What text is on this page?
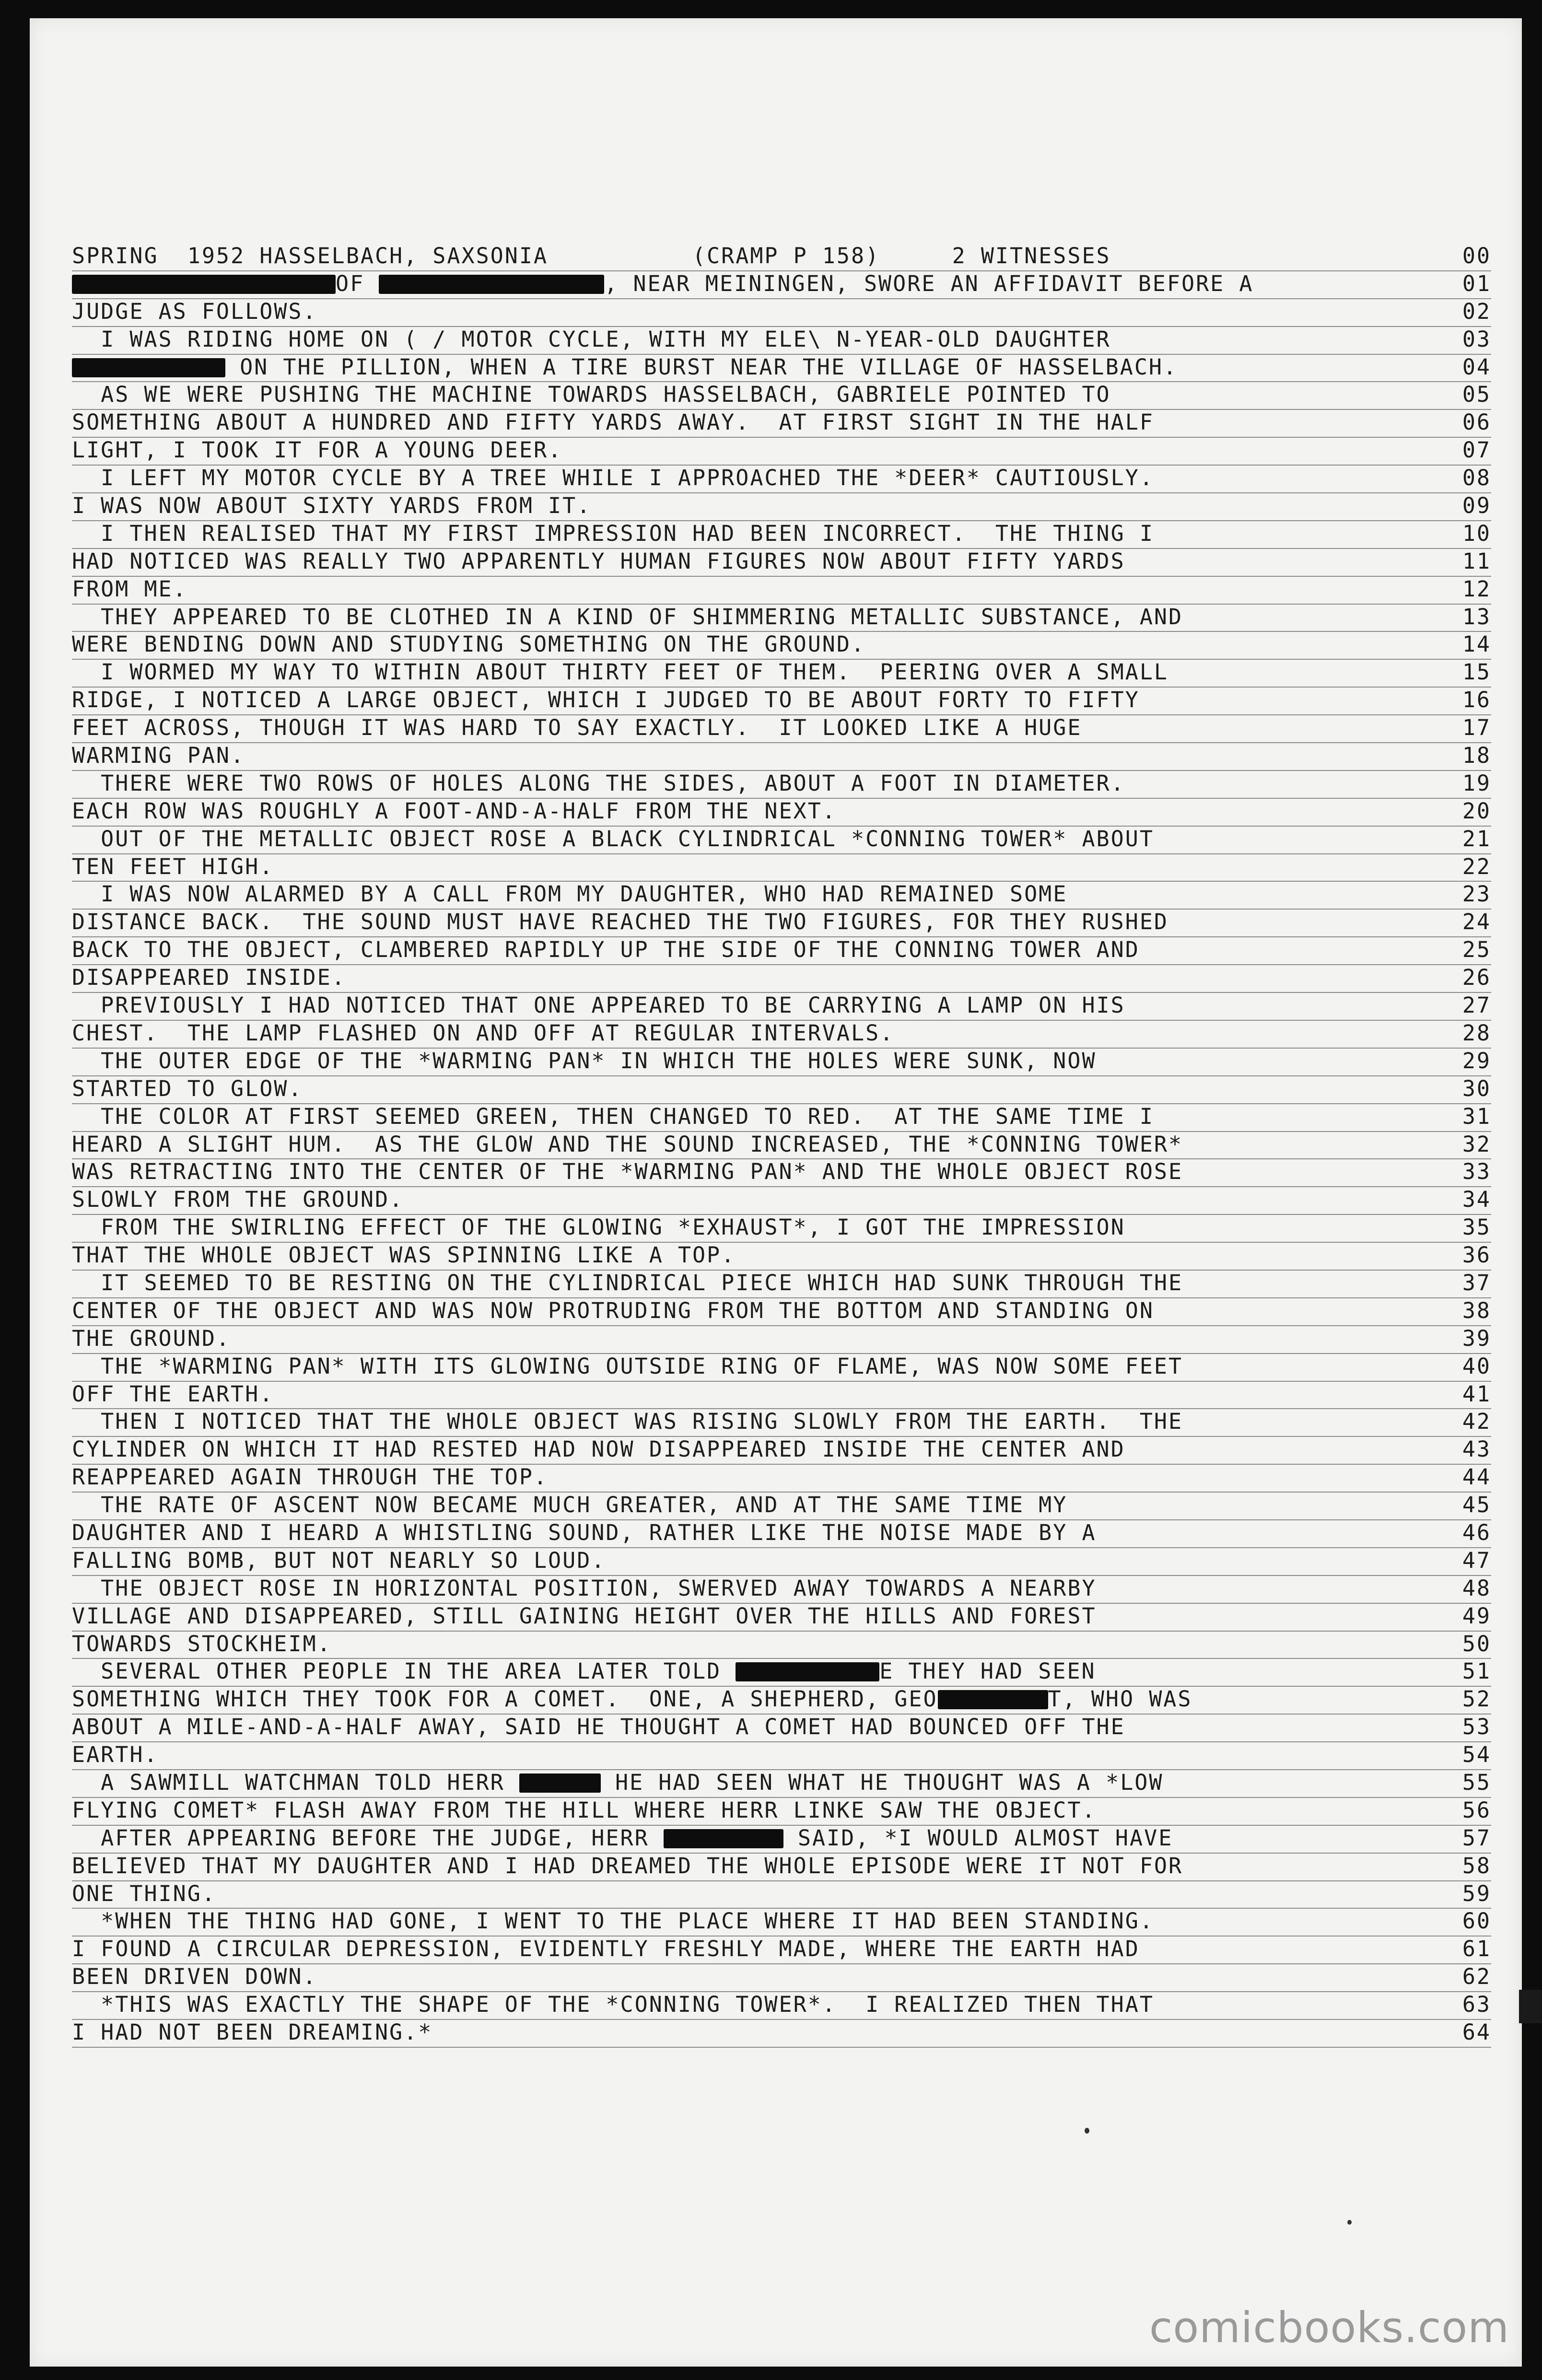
SPRING  1952 HASSELBACH, SAXSONIA          (CRAMP P 158)     2 WITNESSES	00
OF	, NEAR MEININGEN, SWORE AN AFFIDAVIT BEFORE A	01
JUDGE AS FOLLOWS.	02
I WAS RIDING HOME ON ( / MOTOR CYCLE, WITH MY ELE\ N-YEAR-OLD DAUGHTER	03
ON THE PILLION, WHEN A TIRE BURST NEAR THE VILLAGE OF HASSELBACH.	04
AS WE WERE PUSHING THE MACHINE TOWARDS HASSELBACH, GABRIELE POINTED TO	05
SOMETHING ABOUT A HUNDRED AND FIFTY YARDS AWAY.  AT FIRST SIGHT IN THE HALF	06
LIGHT, I TOOK IT FOR A YOUNG DEER.	07
I LEFT MY MOTOR CYCLE BY A TREE WHILE I APPROACHED THE *DEER* CAUTIOUSLY.	08
I WAS NOW ABOUT SIXTY YARDS FROM IT.	09
I THEN REALISED THAT MY FIRST IMPRESSION HAD BEEN INCORRECT.  THE THING I	10
HAD NOTICED WAS REALLY TWO APPARENTLY HUMAN FIGURES NOW ABOUT FIFTY YARDS	11
FROM ME.	12
THEY APPEARED TO BE CLOTHED IN A KIND OF SHIMMERING METALLIC SUBSTANCE, AND	13
WERE BENDING DOWN AND STUDYING SOMETHING ON THE GROUND.	14
I WORMED MY WAY TO WITHIN ABOUT THIRTY FEET OF THEM.  PEERING OVER A SMALL	15
RIDGE, I NOTICED A LARGE OBJECT, WHICH I JUDGED TO BE ABOUT FORTY TO FIFTY	16
FEET ACROSS, THOUGH IT WAS HARD TO SAY EXACTLY.  IT LOOKED LIKE A HUGE	17
WARMING PAN.	18
THERE WERE TWO ROWS OF HOLES ALONG THE SIDES, ABOUT A FOOT IN DIAMETER.	19
EACH ROW WAS ROUGHLY A FOOT-AND-A-HALF FROM THE NEXT.	20
OUT OF THE METALLIC OBJECT ROSE A BLACK CYLINDRICAL *CONNING TOWER* ABOUT	21
TEN FEET HIGH.	22
I WAS NOW ALARMED BY A CALL FROM MY DAUGHTER, WHO HAD REMAINED SOME	23
DISTANCE BACK.  THE SOUND MUST HAVE REACHED THE TWO FIGURES, FOR THEY RUSHED	24
BACK TO THE OBJECT, CLAMBERED RAPIDLY UP THE SIDE OF THE CONNING TOWER AND	25
DISAPPEARED INSIDE.	26
PREVIOUSLY I HAD NOTICED THAT ONE APPEARED TO BE CARRYING A LAMP ON HIS	27
CHEST.  THE LAMP FLASHED ON AND OFF AT REGULAR INTERVALS.	28
THE OUTER EDGE OF THE *WARMING PAN* IN WHICH THE HOLES WERE SUNK, NOW	29
STARTED TO GLOW.	30
THE COLOR AT FIRST SEEMED GREEN, THEN CHANGED TO RED.  AT THE SAME TIME I	31
HEARD A SLIGHT HUM.  AS THE GLOW AND THE SOUND INCREASED, THE *CONNING TOWER*	32
WAS RETRACTING INTO THE CENTER OF THE *WARMING PAN* AND THE WHOLE OBJECT ROSE	33
SLOWLY FROM THE GROUND.	34
FROM THE SWIRLING EFFECT OF THE GLOWING *EXHAUST*, I GOT THE IMPRESSION	35
THAT THE WHOLE OBJECT WAS SPINNING LIKE A TOP.	36
IT SEEMED TO BE RESTING ON THE CYLINDRICAL PIECE WHICH HAD SUNK THROUGH THE	37
CENTER OF THE OBJECT AND WAS NOW PROTRUDING FROM THE BOTTOM AND STANDING ON	38
THE GROUND.	39
THE *WARMING PAN* WITH ITS GLOWING OUTSIDE RING OF FLAME, WAS NOW SOME FEET	40
OFF THE EARTH.	41
THEN I NOTICED THAT THE WHOLE OBJECT WAS RISING SLOWLY FROM THE EARTH.  THE	42
CYLINDER ON WHICH IT HAD RESTED HAD NOW DISAPPEARED INSIDE THE CENTER AND	43
REAPPEARED AGAIN THROUGH THE TOP.	44
THE RATE OF ASCENT NOW BECAME MUCH GREATER, AND AT THE SAME TIME MY	45
DAUGHTER AND I HEARD A WHISTLING SOUND, RATHER LIKE THE NOISE MADE BY A	46
FALLING BOMB, BUT NOT NEARLY SO LOUD.	47
THE OBJECT ROSE IN HORIZONTAL POSITION, SWERVED AWAY TOWARDS A NEARBY	48
VILLAGE AND DISAPPEARED, STILL GAINING HEIGHT OVER THE HILLS AND FOREST	49
TOWARDS STOCKHEIM.	50
SEVERAL OTHER PEOPLE IN THE AREA LATER TOLD	E THEY HAD SEEN	51
SOMETHING WHICH THEY TOOK FOR A COMET.  ONE, A SHEPHERD, GEO	T, WHO WAS	52
ABOUT A MILE-AND-A-HALF AWAY, SAID HE THOUGHT A COMET HAD BOUNCED OFF THE	53
EARTH.	54
A SAWMILL WATCHMAN TOLD HERR	HE HAD SEEN WHAT HE THOUGHT WAS A *LOW	55
FLYING COMET* FLASH AWAY FROM THE HILL WHERE HERR LINKE SAW THE OBJECT.	56
AFTER APPEARING BEFORE THE JUDGE, HERR	SAID, *I WOULD ALMOST HAVE	57
BELIEVED THAT MY DAUGHTER AND I HAD DREAMED THE WHOLE EPISODE WERE IT NOT FOR	58
ONE THING.	59
*WHEN THE THING HAD GONE, I WENT TO THE PLACE WHERE IT HAD BEEN STANDING.	60
I FOUND A CIRCULAR DEPRESSION, EVIDENTLY FRESHLY MADE, WHERE THE EARTH HAD	61
BEEN DRIVEN DOWN.	62
*THIS WAS EXACTLY THE SHAPE OF THE *CONNING TOWER*.  I REALIZED THEN THAT	63
I HAD NOT BEEN DREAMING.*	64
comicbooks.com
